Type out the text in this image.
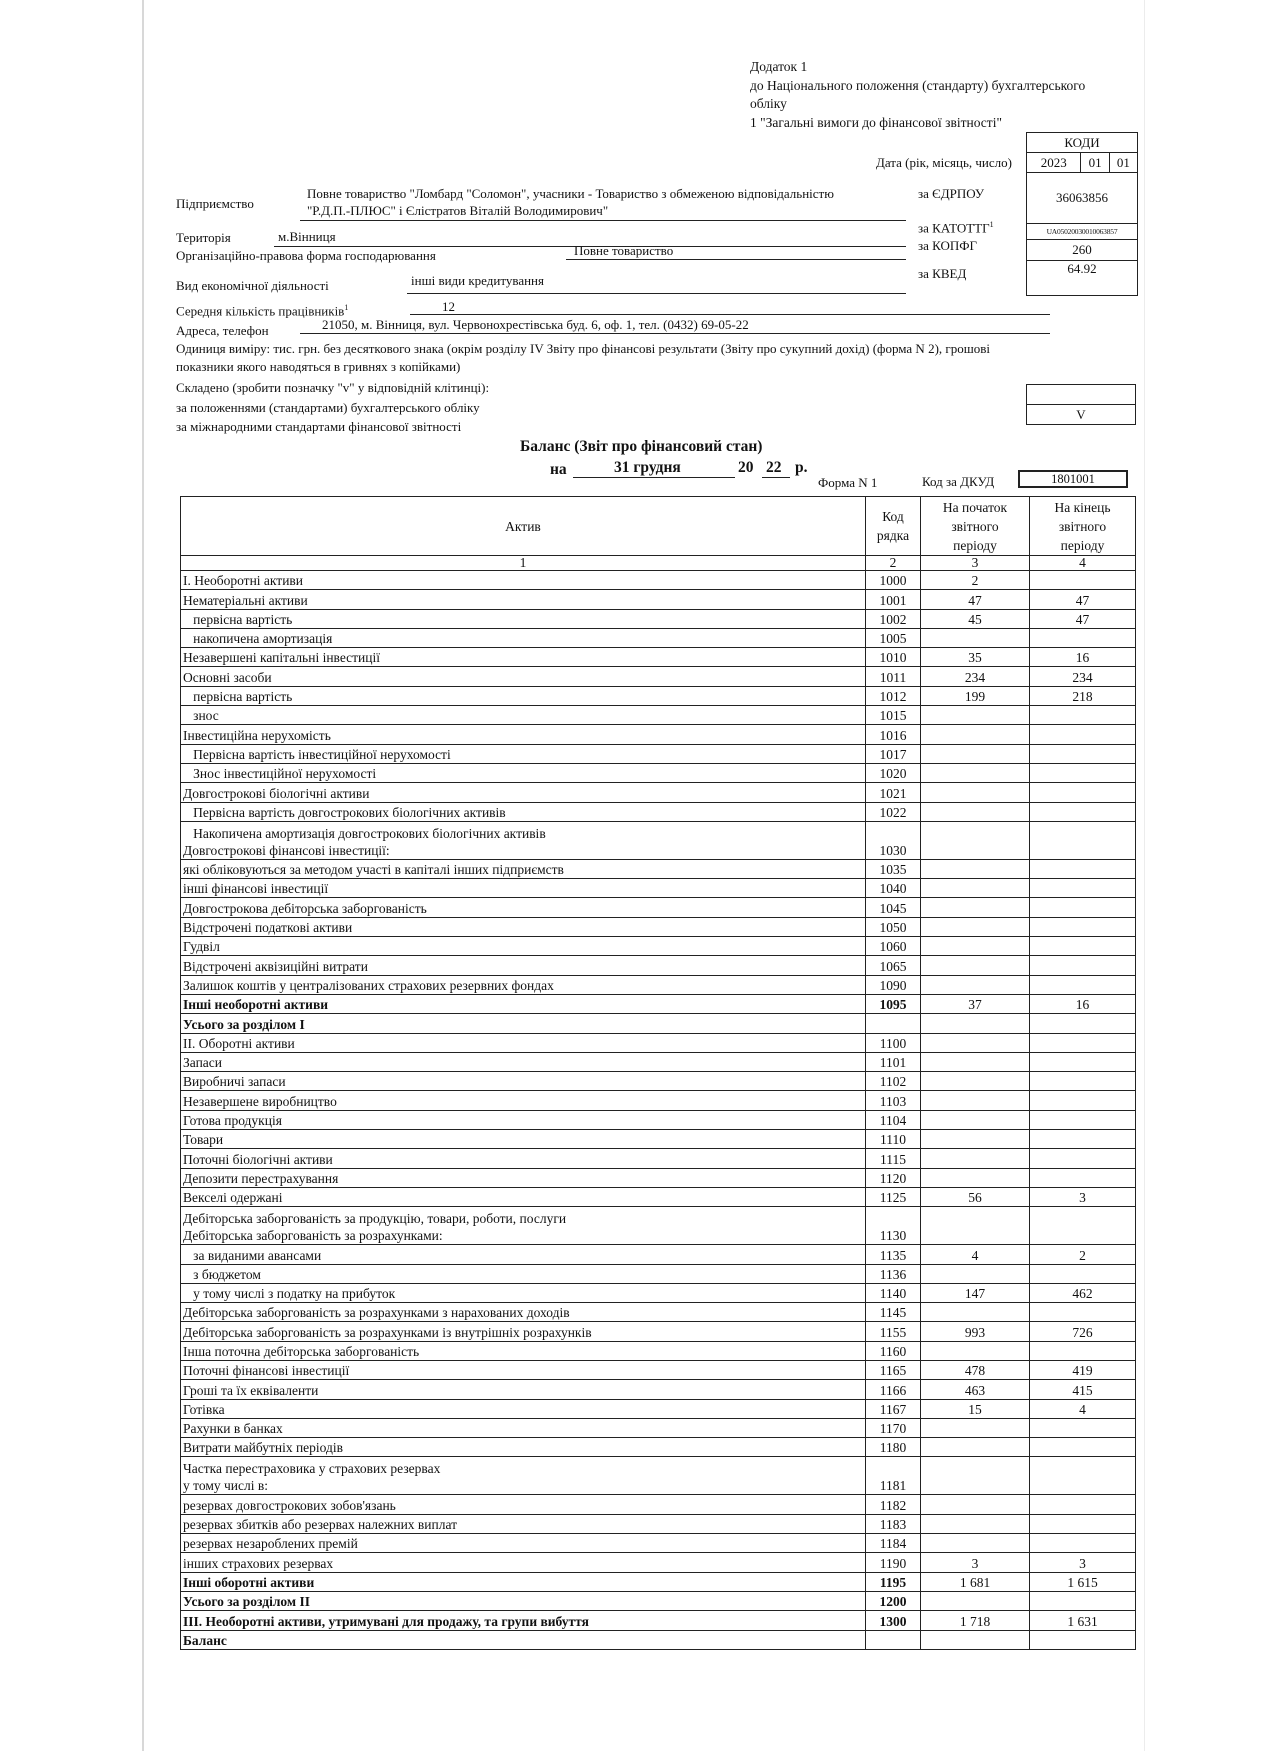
Додаток 1
до Національного положення (стандарту) бухгалтерського обліку
1 "Загальні вимоги до фінансової звітності"
КОДИ
2023	01	01
36063856
UA05020030010063857
260
64.92
Дата (рік, місяць, число)
за ЄДРПОУ
за КАТОТТГ$^1$
за КОПФГ
за КВЕД
Підприємство
Повне товариство "Ломбард "Соломон", учасники - Товариство з обмеженою відповідальністю
"Р.Д.П.-ПЛЮС" і Єлістратов Віталій Володимирович"
Територія	м.Вінниця
Організаційно-правова форма господарювання	Повне товариство
Вид економічної діяльності	інші види кредитування
Середня кількість працівників$^1$	12
Адреса, телефон	21050, м. Вінниця, вул. Червонохрестівська буд. 6, оф. 1, тел. (0432) 69-05-22
Одиниця виміру: тис. грн. без десяткового знака (окрім розділу IV Звіту про фінансові результати (Звіту про сукупний дохід) (форма N 2), грошові
показники якого наводяться в гривнях з копійками)
Складено (зробити позначку "v" у відповідній клітинці):
за положеннями (стандартами) бухгалтерського обліку
за міжнародними стандартами фінансової звітності

V
Баланс (Звіт про фінансовий стан)
на	31 грудня	20 22 р.
Форма N 1	Код за ДКУД	1801001
Актив	Код рядка	На початок звітного періоду	На кінець звітного періоду
1	2	3	4
I. Необоротні активи	1000	2	
Нематеріальні активи	1001	47	47
первісна вартість	1002	45	47
накопичена амортизація	1005		
Незавершені капітальні інвестиції	1010	35	16
Основні засоби	1011	234	234
первісна вартість	1012	199	218
знос	1015		
Інвестиційна нерухомість	1016		
Первісна вартість інвестиційної нерухомості	1017		
Знос інвестиційної нерухомості	1020		
Довгострокові біологічні активи	1021		
Первісна вартість довгострокових біологічних активів	1022		

Накопичена амортизація довгострокових біологічних активів
Довгострокові фінансові інвестиції:	1030		
які обліковуються за методом участі в капіталі інших підприємств	1035		
інші фінансові інвестиції	1040		
Довгострокова дебіторська заборгованість	1045		
Відстрочені податкові активи	1050		
Гудвіл	1060		
Відстрочені аквізиційні витрати	1065		
Залишок коштів у централізованих страхових резервних фондах	1090		
Інші необоротні активи	1095	37	16
Усього за розділом I			
II. Оборотні активи	1100		
Запаси	1101		
Виробничі запаси	1102		
Незавершене виробництво	1103		
Готова продукція	1104		
Товари	1110		
Поточні біологічні активи	1115		
Депозити перестрахування	1120		
Векселі одержані	1125	56	3

Дебіторська заборгованість за продукцію, товари, роботи, послуги
Дебіторська заборгованість за розрахунками:	1130		
за виданими авансами	1135	4	2
з бюджетом	1136		
у тому числі з податку на прибуток	1140	147	462
Дебіторська заборгованість за розрахунками з нарахованих доходів	1145		
Дебіторська заборгованість за розрахунками із внутрішніх розрахунків	1155	993	726
Інша поточна дебіторська заборгованість	1160		
Поточні фінансові інвестиції	1165	478	419
Гроші та їх еквіваленти	1166	463	415
Готівка	1167	15	4
Рахунки в банках	1170		
Витрати майбутніх періодів	1180		

Частка перестраховика у страхових резервах
у тому числі в:	1181		
резервах довгострокових зобов'язань	1182		
резервах збитків або резервах належних виплат	1183		
резервах незароблених премій	1184		
інших страхових резервах	1190	3	3
Інші оборотні активи	1195	1 681	1 615
Усього за розділом II	1200		
III. Необоротні активи, утримувані для продажу, та групи вибуття	1300	1 718	1 631
Баланс			
